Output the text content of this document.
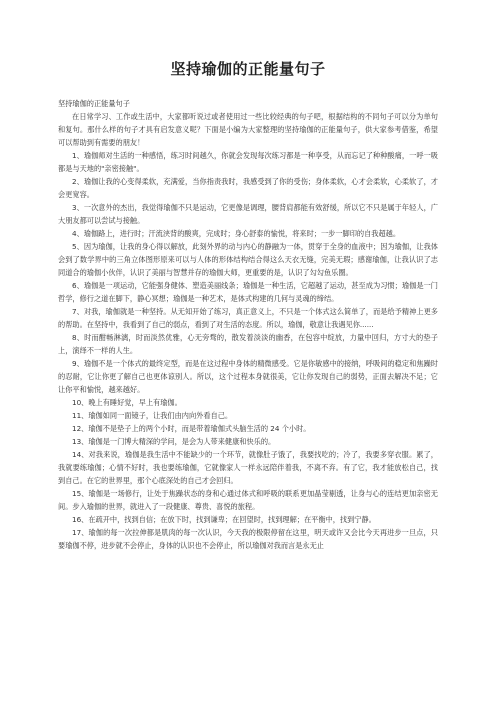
坚持瑜伽的正能量句子

坚持瑜伽的正能量句子

在日常学习、工作或生活中，大家都听说过或者使用过一些比较经典的句子吧，根据结构的不同句子可以分为单句和复句。那什么样的句子才具有启发意义呢？下面是小编为大家整理的坚持瑜伽的正能量句子，供大家参考借鉴，希望可以帮助到有需要的朋友！

1、瑜伽师对生活的一种感悟，练习时间越久，你就会发现每次练习都是一种享受，从而忘记了种种酸痛，一呼一吸都是与天地的"亲密接触"。

2、瑜伽让我的心变得柔软，充满爱，当你指责我时，我感受到了你的受伤；身体柔软，心才会柔软，心柔软了，才会更宽容。

3、一次意外的杰出，我觉得瑜伽不只是运动，它更像是调理，腰背肩都能有效舒缓，所以它不只是属于年轻人，广大朋友都可以尝试与接触。

4、瑜伽路上，进行时；汗流浃背的酸爽，完成时；身心舒泰的愉悦，将来时；一步一脚印的自我超越。

5、因为瑜伽，让我的身心得以解放，此刻外界的动与内心的静融为一体，贯穿于全身的血液中；因为瑜伽，让我体会到了数学界中的三角立体图形原来可以与人体的形体结构结合得这么天衣无缝，完美无瑕；感谢瑜伽，让我认识了志同道合的瑜伽小伙伴，认识了美丽与智慧并存的瑜伽大师，更重要的是，认识了勾勾鱼乐圈。

6、瑜伽是一项运动，它能强身健体、塑造美丽线条；瑜伽是一种生活，它超越了运动，甚至成为习惯；瑜伽是一门哲学，修行之道在脚下，静心冥想；瑜伽是一种艺术，是体式构建的几何与灵魂的缔结。

7、对我，瑜伽就是一种坚持。从无知开始了练习，真正意义上，不只是一个体式这么简单了，而是给予精神上更多的帮助。在坚持中，我看到了自己的弱点，看到了对生活的态度。所以，瑜伽，敬意让我遇见你......

8、时而酣畅淋漓，时而淡然优雅，心无旁骛的，散发着淡淡的幽香，在包容中绽放，力量中回归，方寸大的垫子上，演绎不一样的人生。

9、瑜伽不是一个体式的最终定型，而是在这过程中身体的精微感受。它是你敏感中的接纳，呼吸间的稳定和焦躁时的忍耐，它让你更了解自己也更体谅别人。所以，这个过程本身就很美，它让你发现自己的弱势，正面去解决不足；它让你平和愉悦，越来越好。

10、晚上有睡好觉，早上有瑜伽。

11、瑜伽如同一面镜子，让我们由内向外看自己。

12、瑜伽不是垫子上的两个小时，而是带着瑜伽式头脑生活的 24 个小时。

13、瑜伽是一门博大精深的学问，是会为人带来健康和快乐的。

14、对我来说，瑜伽是我生活中不能缺少的一个环节，就像肚子饿了，我要找吃的；冷了，我要多穿衣服。累了，我就要练瑜伽；心情不好时，我也要练瑜伽，它就像家人一样永远陪伴着我，不离不弃。有了它，我才能放松自己，找到自己。在它的世界里，那个心底深处的自己才会回归。

15、瑜伽是一场修行，让处于焦躁状态的身和心通过体式和呼吸的联系更加晶莹剔透，让身与心的连结更加亲密无间。步入瑜伽的世界，就进入了一段健康、尊贵、喜悦的旅程。

16、在疏开中，找到自信；在放下时，找到谦卑；在回望时，找到理解；在平衡中，找到宁静。

17、瑜伽的每一次拉伸都是肌肉的每一次认识，今天我的极限停留在这里，明天或许又会比今天再进步一旦点，只要瑜伽不停，进步就不会停止，身体的认识也不会停止，所以瑜伽对我而言是永无止
